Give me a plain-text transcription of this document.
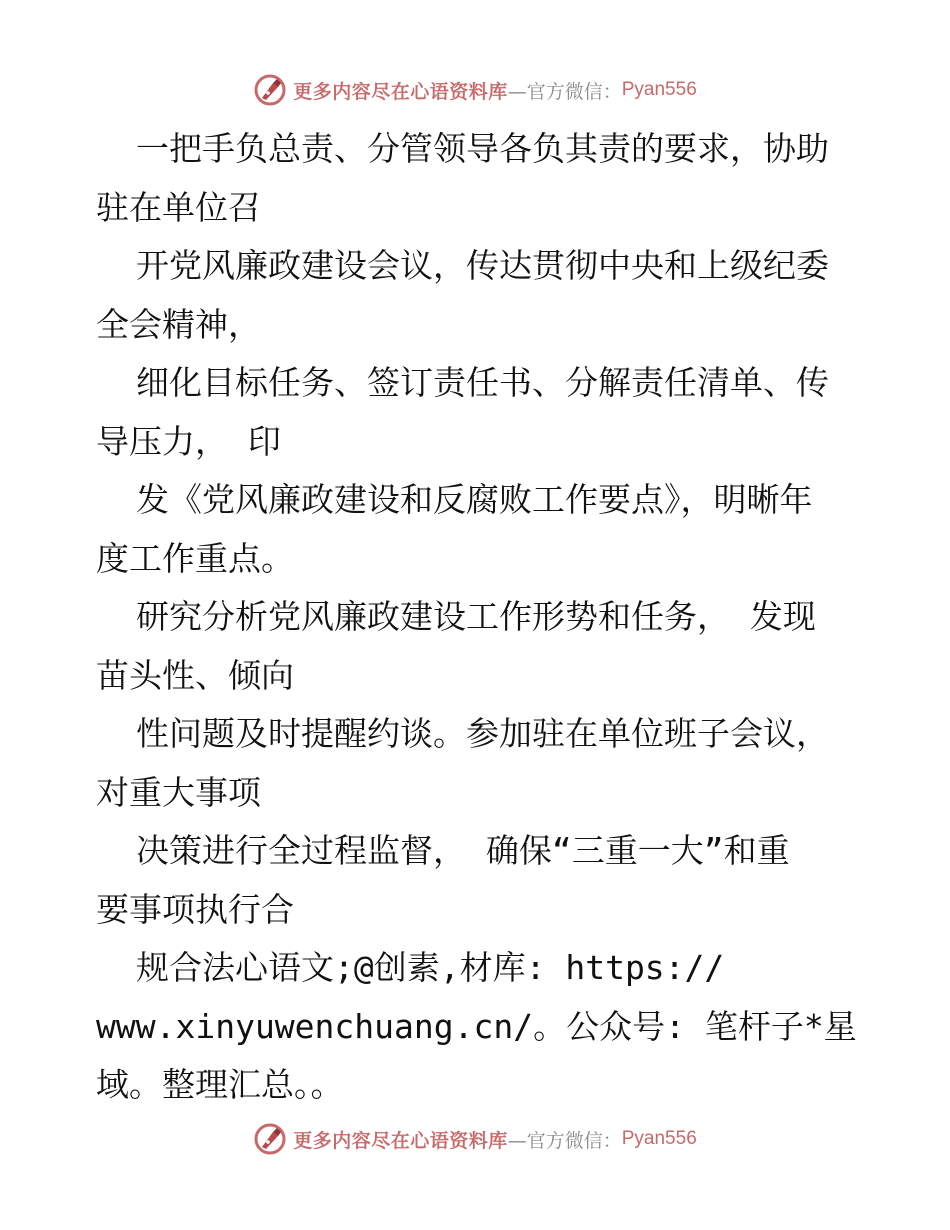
更多内容尽在心语资料库 —官方微信： Pyan556
一把手负总责、分管领导各负其责的要求，协助
驻在单位召
开党风廉政建设会议，传达贯彻中央和上级纪委
全会精神，
细化目标任务、签订责任书、分解责任清单、传
导压力， 印
发《党风廉政建设和反腐败工作要点》，明晰年
度工作重点。
研究分析党风廉政建设工作形势和任务， 发现
苗头性、倾向
性问题及时提醒约谈。参加驻在单位班子会议，
对重大事项
决策进行全过程监督， 确保“三重一大”和重
要事项执行合
规合法心语文;@创素,材库: https://
www.xinyuwenchuang.cn/。公众号: 笔杆子*星
域。整理汇总。。
更多内容尽在心语资料库 —官方微信： Pyan556
